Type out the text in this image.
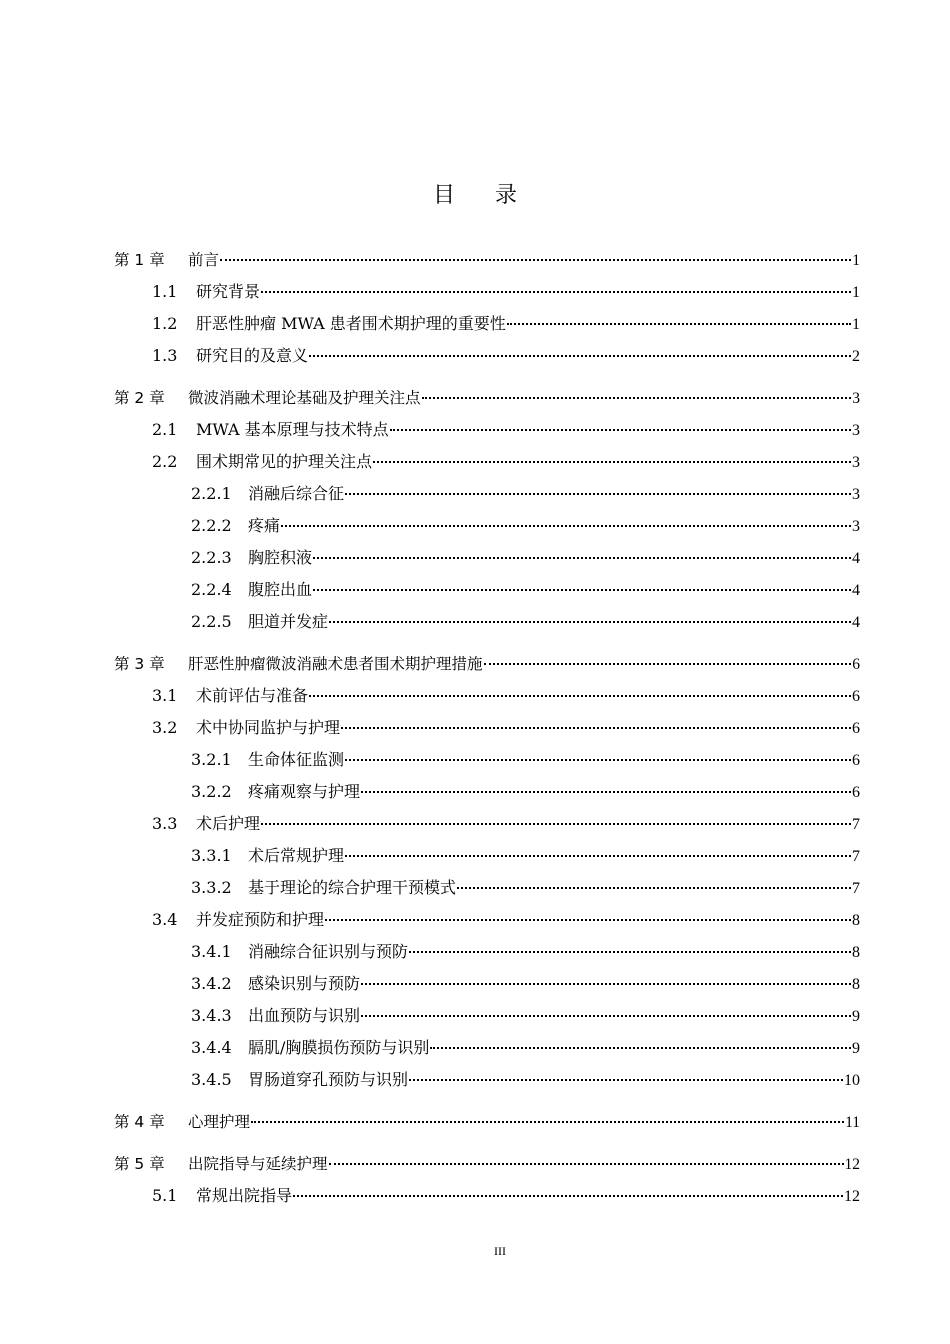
目 录
第 1 章	前言	1
1.1	研究背景	1
1.2	肝恶性肿瘤 MWA 患者围术期护理的重要性	1
1.3	研究目的及意义	2
第 2 章	微波消融术理论基础及护理关注点	3
2.1	MWA 基本原理与技术特点	3
2.2	围术期常见的护理关注点	3
2.2.1	消融后综合征	3
2.2.2	疼痛	3
2.2.3	胸腔积液	4
2.2.4	腹腔出血	4
2.2.5	胆道并发症	4
第 3 章	肝恶性肿瘤微波消融术患者围术期护理措施	6
3.1	术前评估与准备	6
3.2	术中协同监护与护理	6
3.2.1	生命体征监测	6
3.2.2	疼痛观察与护理	6
3.3	术后护理	7
3.3.1	术后常规护理	7
3.3.2	基于理论的综合护理干预模式	7
3.4	并发症预防和护理	8
3.4.1	消融综合征识别与预防	8
3.4.2	感染识别与预防	8
3.4.3	出血预防与识别	9
3.4.4	膈肌/胸膜损伤预防与识别	9
3.4.5	胃肠道穿孔预防与识别	10
第 4 章	心理护理	11
第 5 章	出院指导与延续护理	12
5.1	常规出院指导	12
III
